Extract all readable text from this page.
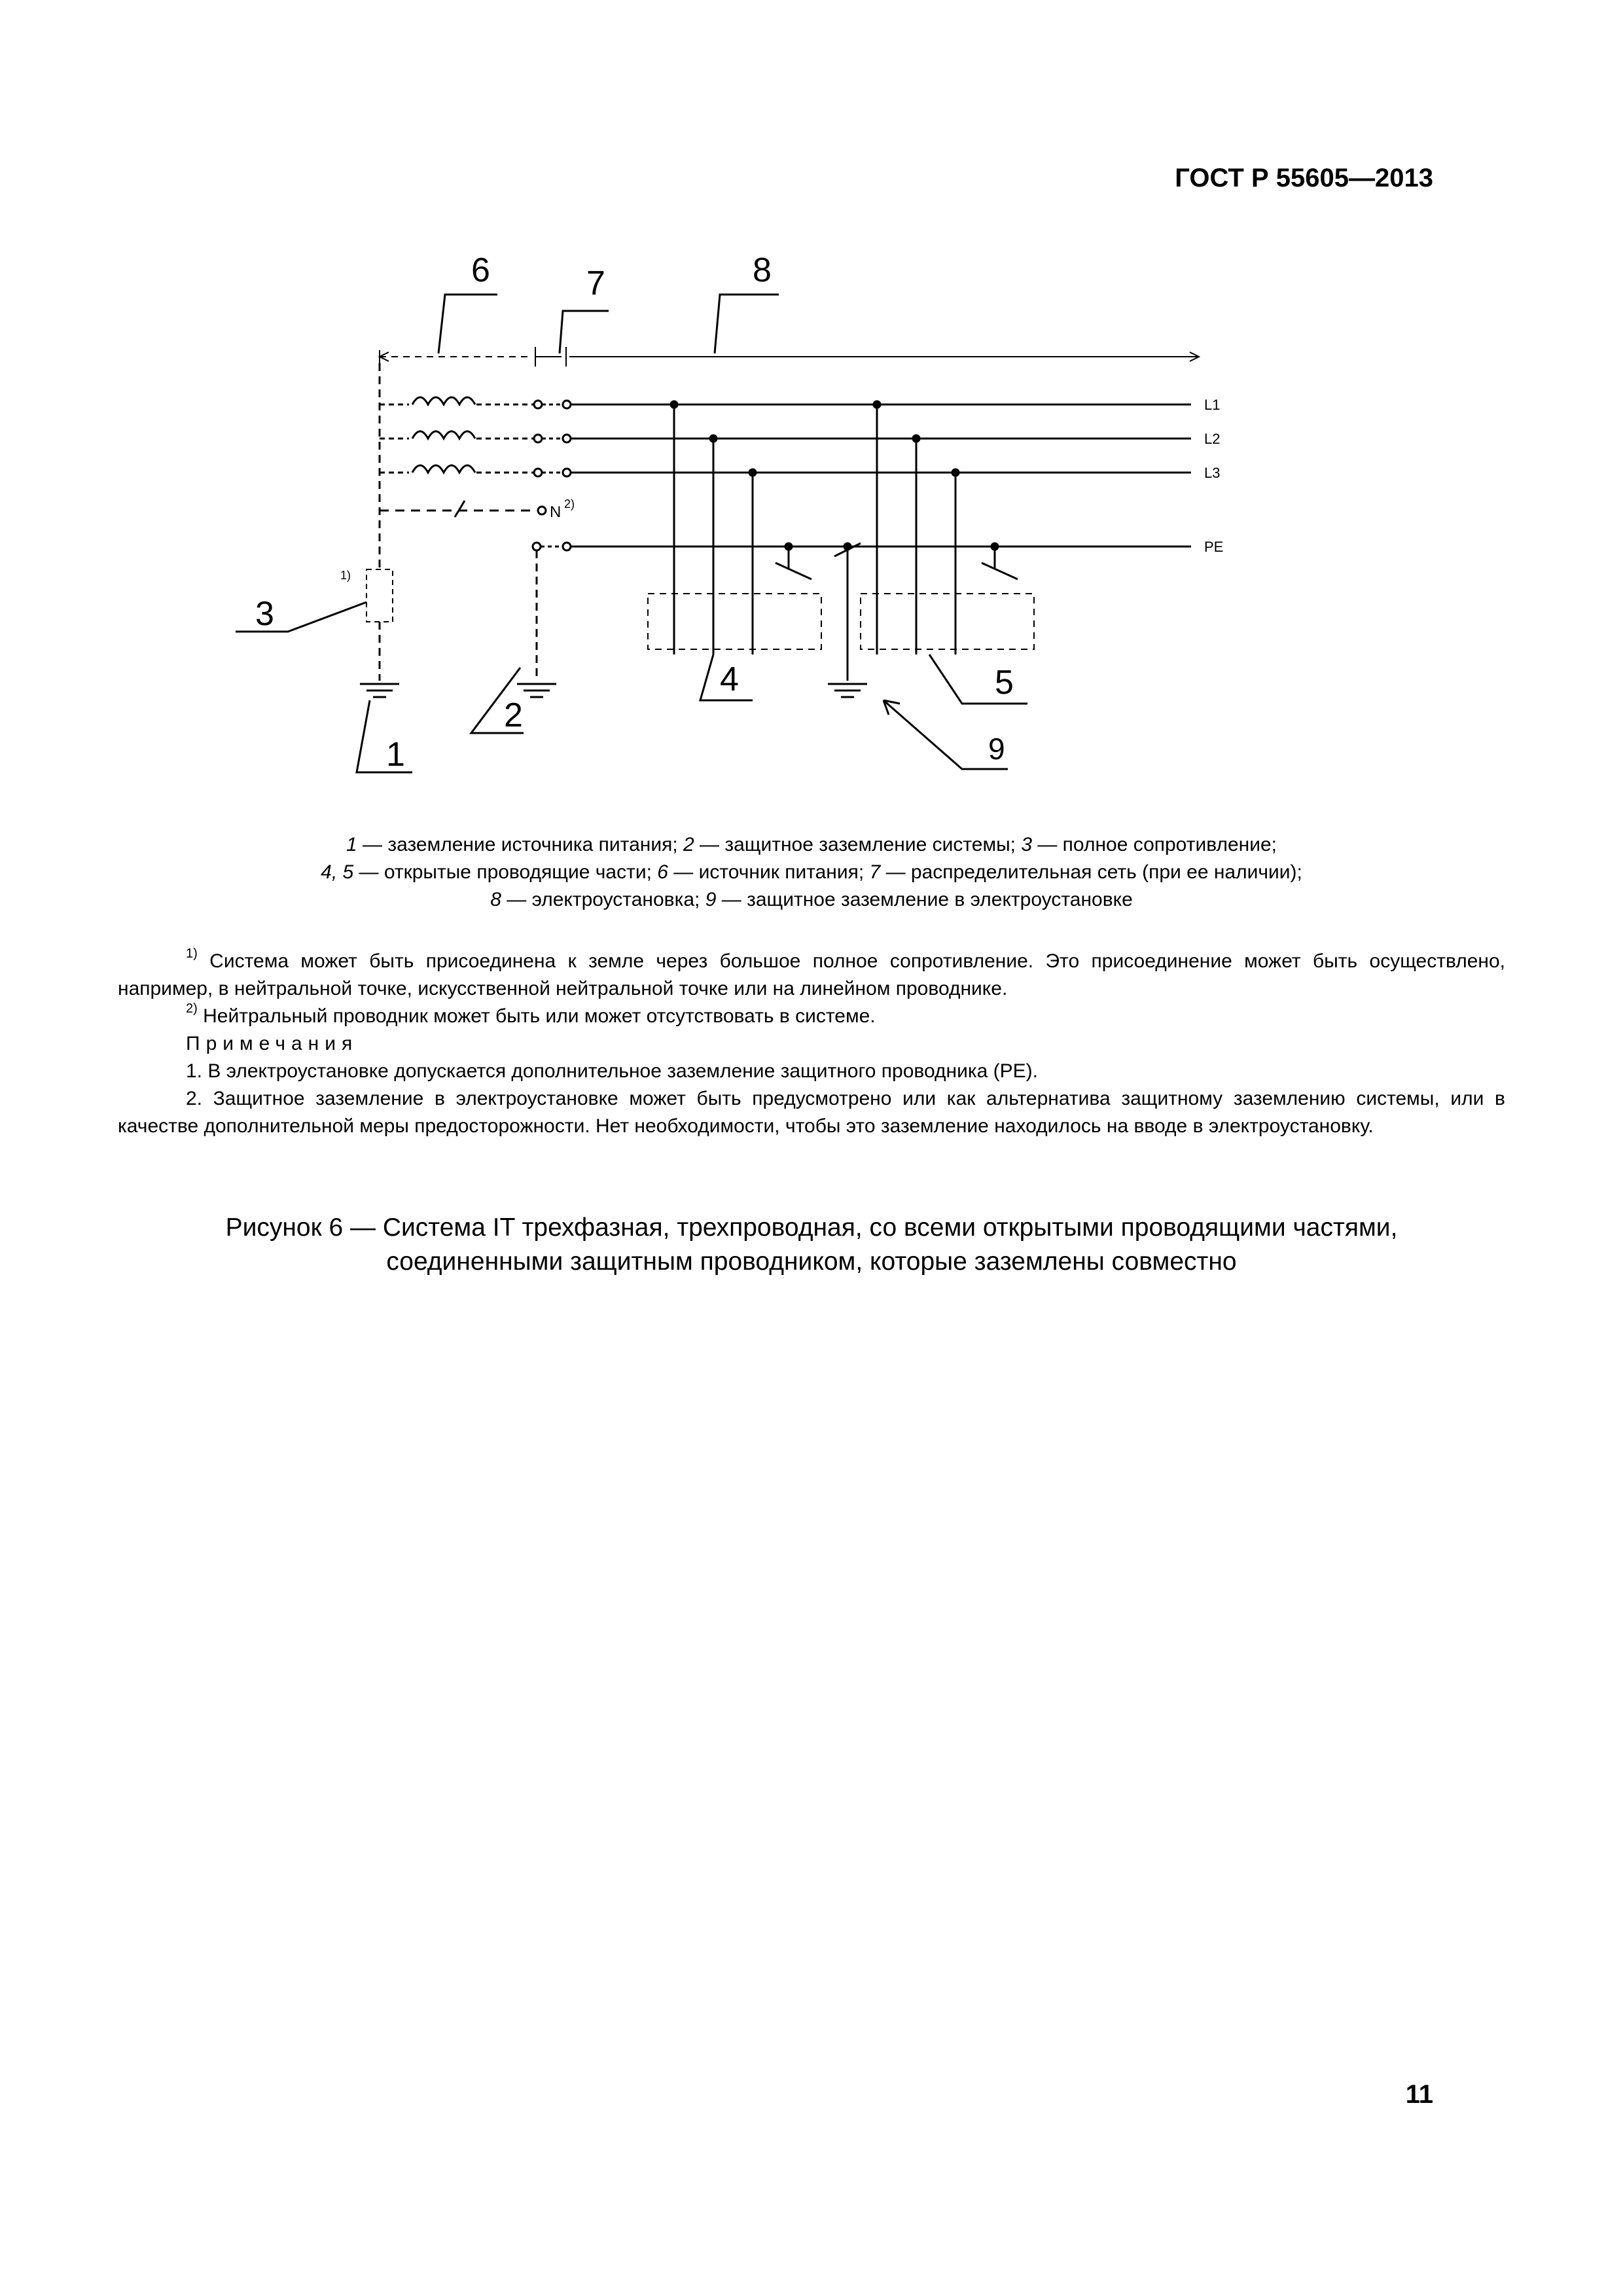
ГОСТ Р 55605—2013
6	7	8
N 2)
L1
L2
L3
PE
1)
3
1
2
4	5
9
1 — заземление источника питания; 2 — защитное заземление системы; 3 — полное сопротивление;
4, 5 — открытые проводящие части; 6 — источник питания; 7 — распределительная сеть (при ее наличии);
8 — электроустановка; 9 — защитное заземление в электроустановке

$^{1)}$ Система может быть присоединена к земле через большое полное сопротивление. Это присоединение может быть осуществлено, например, в нейтральной точке, искусственной нейтральной точке или на линейном проводнике.

$^{2)}$ Нейтральный проводник может быть или может отсутствовать в системе.

Примечания

1. В электроустановке допускается дополнительное заземление защитного проводника (PE).

2. Защитное заземление в электроустановке может быть предусмотрено или как альтернатива защитному заземлению системы, или в качестве дополнительной меры предосторожности. Нет необходимости, чтобы это заземление находилось на вводе в электроустановку.

Рисунок 6 — Система IT трехфазная, трехпроводная, со всеми открытыми проводящими частями,
соединенными защитным проводником, которые заземлены совместно
11
